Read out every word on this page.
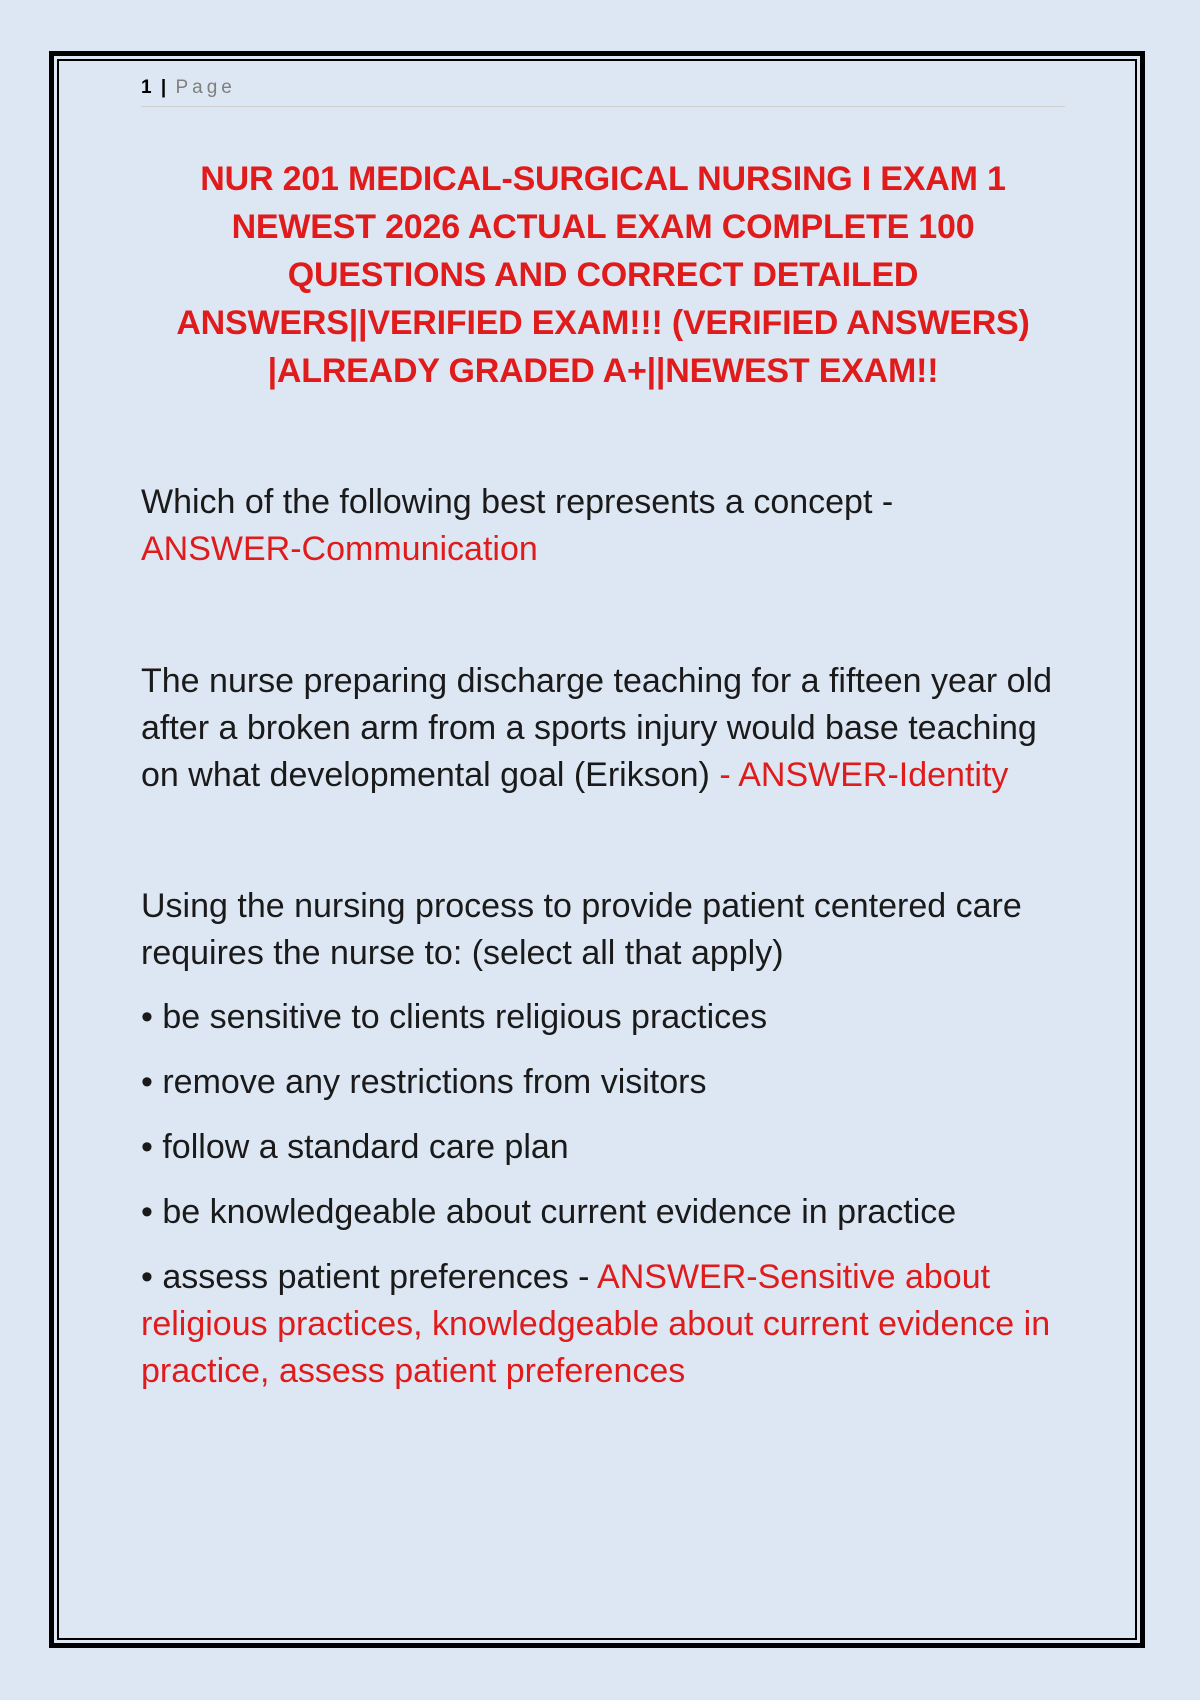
1 | Page
NUR 201 MEDICAL-SURGICAL NURSING I EXAM 1
NEWEST 2026 ACTUAL EXAM COMPLETE 100
QUESTIONS AND CORRECT DETAILED
ANSWERS||VERIFIED EXAM!!! (VERIFIED ANSWERS)
|ALREADY GRADED A+||NEWEST EXAM!!
Which of the following best represents a concept -
ANSWER-Communication
The nurse preparing discharge teaching for a fifteen year old after a broken arm from a sports injury would base teaching on what developmental goal (Erikson) - ANSWER-Identity
Using the nursing process to provide patient centered care requires the nurse to: (select all that apply)
• be sensitive to clients religious practices
• remove any restrictions from visitors
• follow a standard care plan
• be knowledgeable about current evidence in practice
• assess patient preferences - ANSWER-Sensitive about religious practices, knowledgeable about current evidence in practice, assess patient preferences
